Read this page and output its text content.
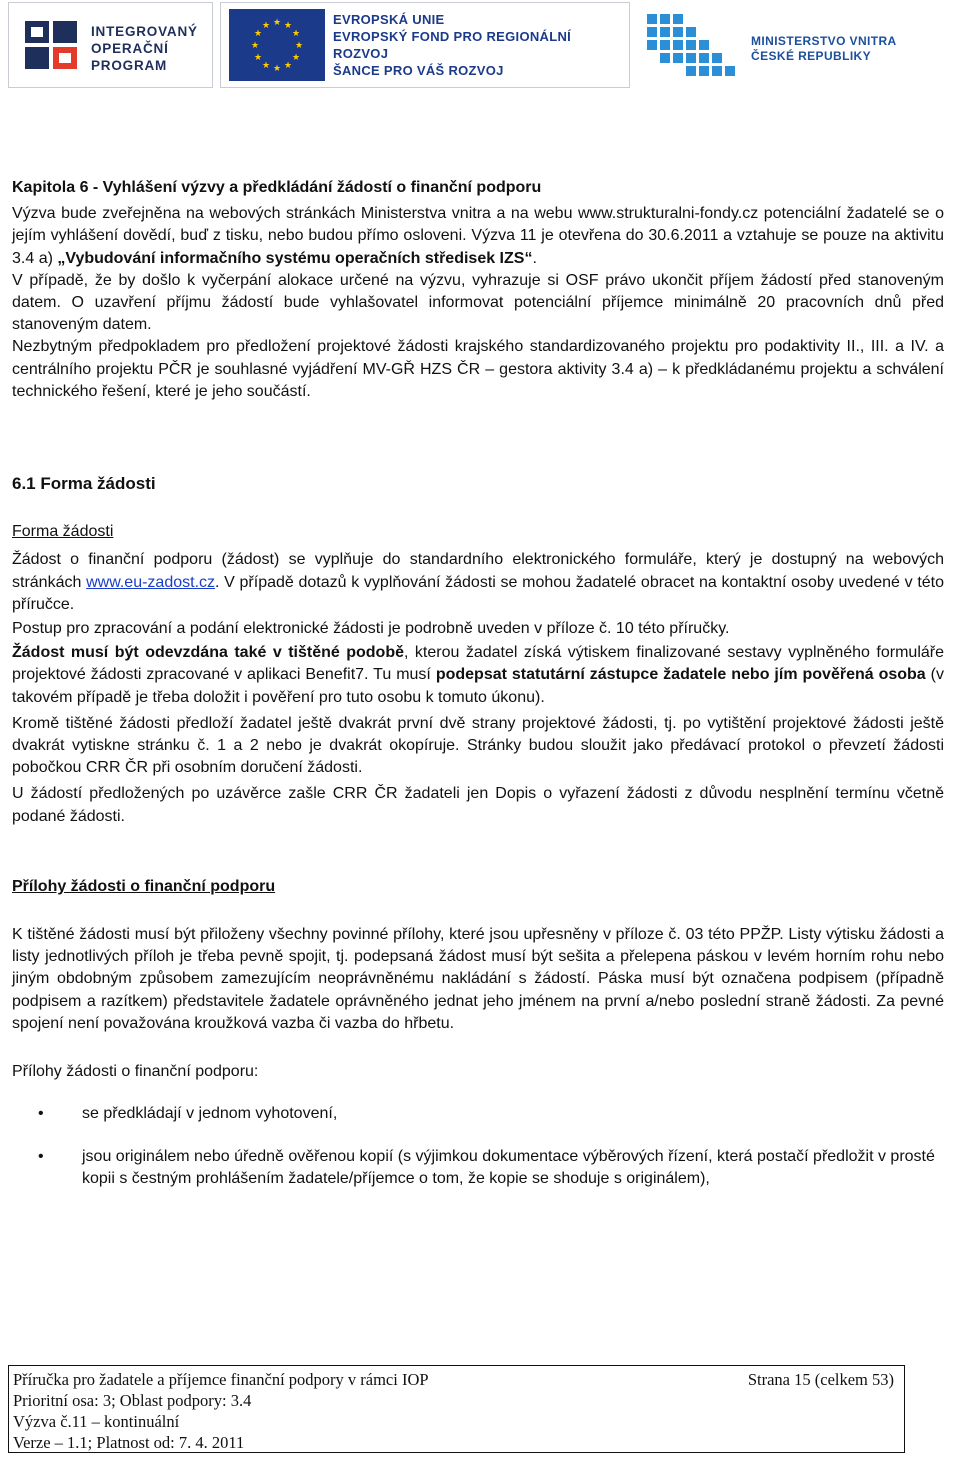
INTEGROVANÝ
OPERAČNÍ
PROGRAM
★ ★
★
★
★
★
★
★
★
★
★
★	EVROPSKÁ UNIE
EVROPSKÝ FOND PRO REGIONÁLNÍ ROZVOJ
ŠANCE PRO VÁŠ ROZVOJ
MINISTERSTVO VNITRA
ČESKÉ REPUBLIKY

Kapitola 6 - Vyhlášení výzvy a předkládání žádostí o finanční podporu

Výzva bude zveřejněna na webových stránkách Ministerstva vnitra a na webu www.strukturalni-fondy.cz potenciální žadatelé se o jejím vyhlášení dovědí, buď z tisku, nebo budou přímo osloveni. Výzva 11 je otevřena do 30.6.2011 a vztahuje se pouze na aktivitu 3.4 a) „Vybudování informačního systému operačních středisek IZS“.

V případě, že by došlo k vyčerpání alokace určené na výzvu, vyhrazuje si OSF právo ukončit příjem žádostí před stanoveným datem. O uzavření příjmu žádostí bude vyhlašovatel informovat potenciální příjemce minimálně 20 pracovních dnů před stanoveným datem.

Nezbytným předpokladem pro předložení projektové žádosti krajského standardizovaného projektu pro podaktivity II., III. a IV. a centrálního projektu PČR je souhlasné vyjádření MV-GŘ HZS ČR – gestora aktivity 3.4 a) – k předkládanému projektu a schválení technického řešení, které je jeho součástí.

6.1 Forma žádosti

Forma žádosti

Žádost o finanční podporu (žádost) se vyplňuje do standardního elektronického formuláře, který je dostupný na webových stránkách www.eu-zadost.cz. V případě dotazů k vyplňování žádosti se mohou žadatelé obracet na kontaktní osoby uvedené v této příručce.

Postup pro zpracování a podání elektronické žádosti je podrobně uveden v příloze č. 10 této příručky.

Žádost musí být odevzdána také v tištěné podobě, kterou žadatel získá výtiskem finalizované sestavy vyplněného formuláře projektové žádosti zpracované v aplikaci Benefit7. Tu musí podepsat statutární zástupce žadatele nebo jím pověřená osoba (v takovém případě je třeba doložit i pověření pro tuto osobu k tomuto úkonu).

Kromě tištěné žádosti předloží žadatel ještě dvakrát první dvě strany projektové žádosti, tj. po vytištění projektové žádosti ještě dvakrát vytiskne stránku č. 1 a 2 nebo je dvakrát okopíruje. Stránky budou sloužit jako předávací protokol o převzetí žádosti pobočkou CRR ČR při osobním doručení žádosti.

U žádostí předložených po uzávěrce zašle CRR ČR žadateli jen Dopis o vyřazení žádosti z důvodu nesplnění termínu včetně podané žádosti.

Přílohy žádosti o finanční podporu

K tištěné žádosti musí být přiloženy všechny povinné přílohy, které jsou upřesněny v příloze č. 03 této PPŽP. Listy výtisku žádosti a listy jednotlivých příloh je třeba pevně spojit, tj. podepsaná žádost musí být sešita a přelepena páskou v levém horním rohu nebo jiným obdobným způsobem zamezujícím neoprávněnému nakládání s žádostí. Páska musí být označena podpisem (případně podpisem a razítkem) představitele žadatele oprávněného jednat jeho jménem na první a/nebo poslední straně žádosti. Za pevné spojení není považována kroužková vazba či vazba do hřbetu.

Přílohy žádosti o finanční podporu:

• se předkládají v jednom vyhotovení,
• jsou originálem nebo úředně ověřenou kopií (s výjimkou dokumentace výběrových řízení, která postačí předložit v prosté kopii s čestným prohlášením žadatele/příjemce o tom, že kopie se shoduje s originálem),
Příručka pro žadatele a příjemce finanční podpory v rámci IOP
Prioritní osa: 3; Oblast podpory: 3.4
Výzva č.11 – kontinuální
Verze – 1.1; Platnost od: 7. 4. 2011
Strana 15 (celkem 53)
